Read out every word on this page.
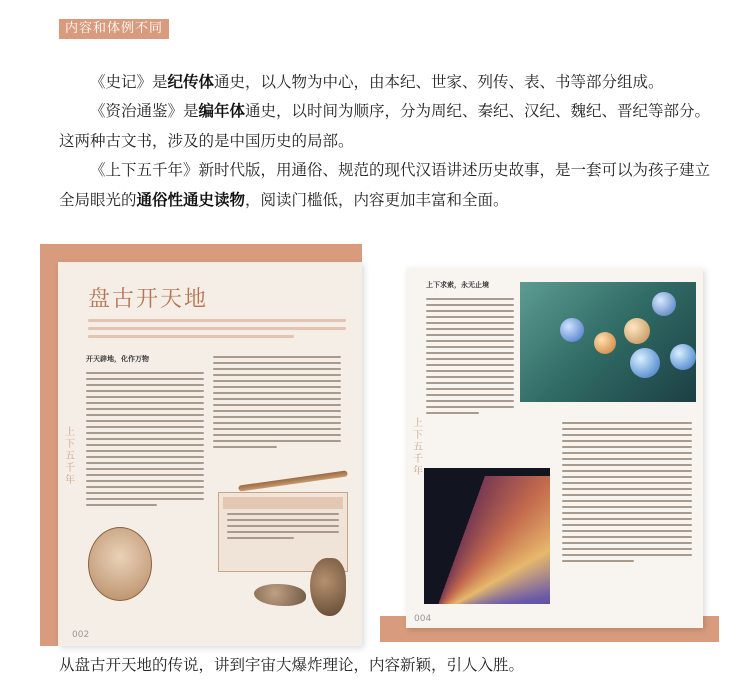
内容和体例不同

《史记》是纪传体通史，以人物为中心，由本纪、世家、列传、表、书等部分组成。

《资治通鉴》是编年体通史，以时间为顺序，分为周纪、秦纪、汉纪、魏纪、晋纪等部分。这两种古文书，涉及的是中国历史的局部。

《上下五千年》新时代版，用通俗、规范的现代汉语讲述历史故事，是一套可以为孩子建立全局眼光的通俗性通史读物，阅读门槛低，内容更加丰富和全面。

盘古开天地
开天辟地，化作万物
上下五千年
002
上下求索，永无止境
上下五千年
004
从盘古开天地的传说，讲到宇宙大爆炸理论，内容新颖，引人入胜。
